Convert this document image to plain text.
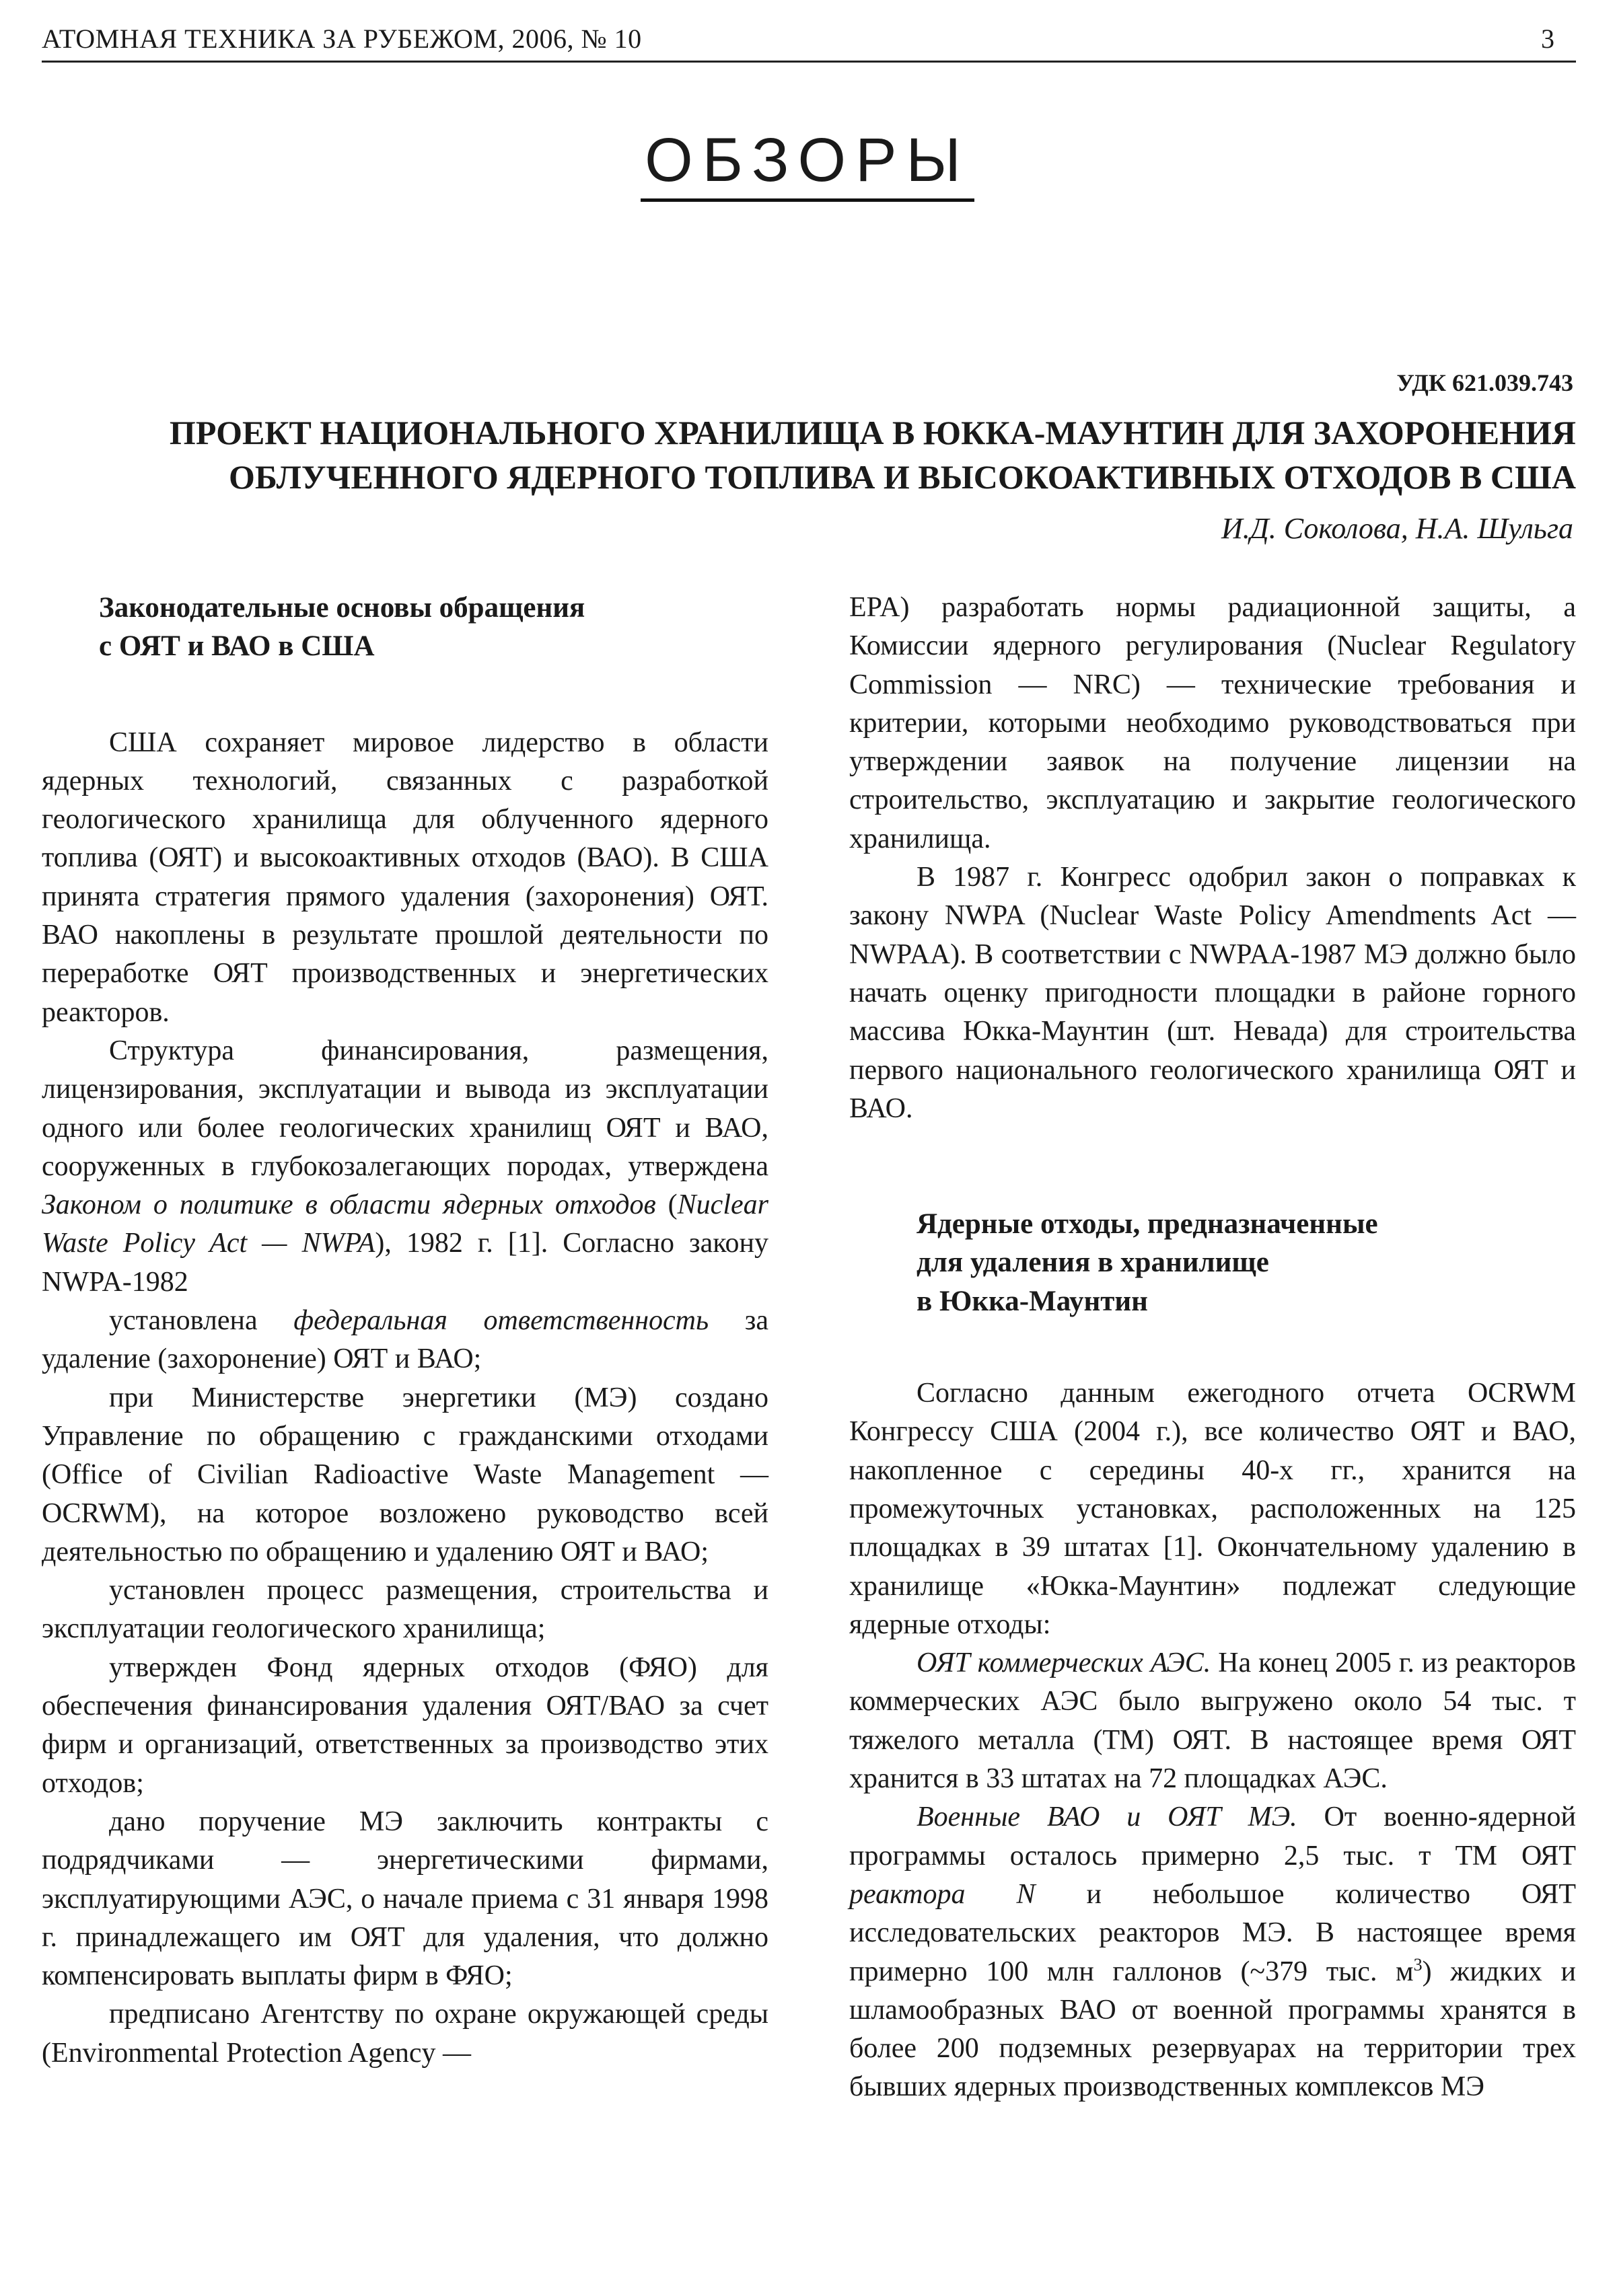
АТОМНАЯ ТЕХНИКА ЗА РУБЕЖОМ, 2006, № 10	3
ОБЗОРЫ
УДК 621.039.743
ПРОЕКТ НАЦИОНАЛЬНОГО ХРАНИЛИЩА В ЮККА-МАУНТИН ДЛЯ ЗАХОРОНЕНИЯ
ОБЛУЧЕННОГО ЯДЕРНОГО ТОПЛИВА И ВЫСОКОАКТИВНЫХ ОТХОДОВ В США
И.Д. Соколова, Н.А. Шульга
Законодательные основы обращения
с ОЯТ и ВАО в США

США сохраняет мировое лидерство в области ядерных технологий, связанных с разработкой геологического хранилища для облученного ядерного топлива (ОЯТ) и высокоактивных отходов (ВАО). В США принята стратегия прямого удаления (захоронения) ОЯТ. ВАО накоплены в результате прошлой деятельности по переработке ОЯТ производственных и энергетических реакторов.

Структура финансирования, размещения, лицензирования, эксплуатации и вывода из эксплуатации одного или более геологических хранилищ ОЯТ и ВАО, сооруженных в глубокозалегающих породах, утверждена Законом о политике в области ядерных отходов (Nuclear Waste Policy Act — NWPA), 1982 г. [1]. Согласно закону NWPA-1982

установлена федеральная ответственность за удаление (захоронение) ОЯТ и ВАО;

при Министерстве энергетики (МЭ) создано Управление по обращению с гражданскими отходами (Office of Civilian Radioactive Waste Management — OCRWM), на которое возложено руководство всей деятельностью по обращению и удалению ОЯТ и ВАО;

установлен процесс размещения, строительства и эксплуатации геологического хранилища;

утвержден Фонд ядерных отходов (ФЯО) для обеспечения финансирования удаления ОЯТ/ВАО за счет фирм и организаций, ответственных за производство этих отходов;

дано поручение МЭ заключить контракты с подрядчиками — энергетическими фирмами, эксплуатирующими АЭС, о начале приема с 31 января 1998 г. принадлежащего им ОЯТ для удаления, что должно компенсировать выплаты фирм в ФЯО;

предписано Агентству по охране окружающей среды (Environmental Protection Agency —

EPA) разработать нормы радиационной защиты, а Комиссии ядерного регулирования (Nuclear Regulatory Commission — NRC) — технические требования и критерии, которыми необходимо руководствоваться при утверждении заявок на получение лицензии на строительство, эксплуатацию и закрытие геологического хранилища.

В 1987 г. Конгресс одобрил закон о поправках к закону NWPA (Nuclear Waste Policy Amendments Act — NWPAA). В соответствии с NWPAA-1987 МЭ должно было начать оценку пригодности площадки в районе горного массива Юкка-Маунтин (шт. Невада) для строительства первого национального геологического хранилища ОЯТ и ВАО.

Ядерные отходы, предназначенные
для удаления в хранилище
в Юкка-Маунтин

Согласно данным ежегодного отчета OCRWM Конгрессу США (2004 г.), все количество ОЯТ и ВАО, накопленное с середины 40-х гг., хранится на промежуточных установках, расположенных на 125 площадках в 39 штатах [1]. Окончательному удалению в хранилище «Юкка-Маунтин» подлежат следующие ядерные отходы:

ОЯТ коммерческих АЭС. На конец 2005 г. из реакторов коммерческих АЭС было выгружено около 54 тыс. т тяжелого металла (ТМ) ОЯТ. В настоящее время ОЯТ хранится в 33 штатах на 72 площадках АЭС.

Военные ВАО и ОЯТ МЭ. От военно-ядерной программы осталось примерно 2,5 тыс. т ТМ ОЯТ реактора N и небольшое количество ОЯТ исследовательских реакторов МЭ. В настоящее время примерно 100 млн галлонов (~379 тыс. $м^3$) жидких и шламообразных ВАО от военной программы хранятся в более 200 подземных резервуарах на территории трех бывших ядерных производственных комплексов МЭ
